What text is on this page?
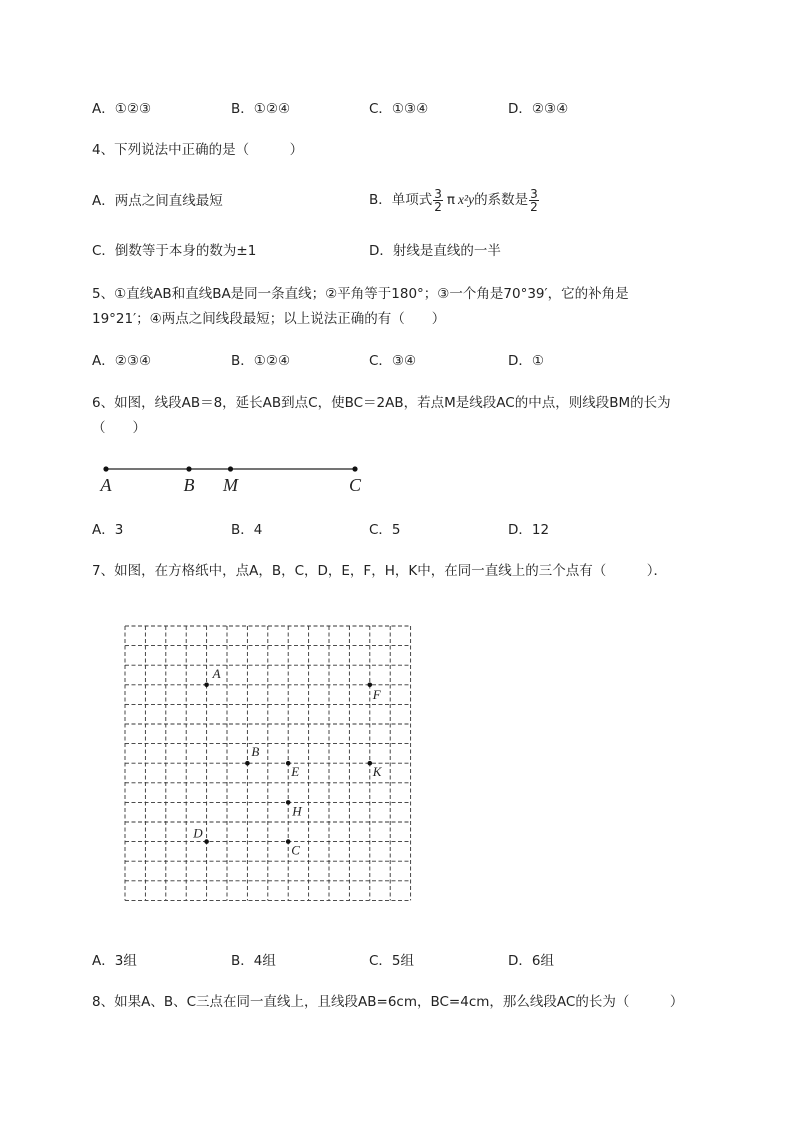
A．①②③	B．①②④	C．①③④	D．②③④
4、下列说法中正确的是（　　　）
A．两点之间直线最短	B．单项式 $\frac{3}{2}$ π x²y的系数是 $\frac{3}{2}$
C．倒数等于本身的数为±1	D．射线是直线的一半
5、①直线AB和直线BA是同一条直线；②平角等于180°；③一个角是70°39′，它的补角是
19°21′；④两点之间线段最短；以上说法正确的有（　　）
A．②③④	B．①②④	C．③④	D．①
6、如图，线段AB＝8，延长AB到点C，使BC＝2AB，若点M是线段AC的中点，则线段BM的长为
（　　）
A	B M	C
A．3	B．4	C．5	D．12
7、如图，在方格纸中，点A，B，C，D，E，F，H，K中，在同一直线上的三个点有（　　　）．
A
F
B
E	K
H
D
C
A．3组	B．4组	C．5组	D．6组
8、如果A、B、C三点在同一直线上，且线段AB=6cm，BC=4cm，那么线段AC的长为（　　　）
